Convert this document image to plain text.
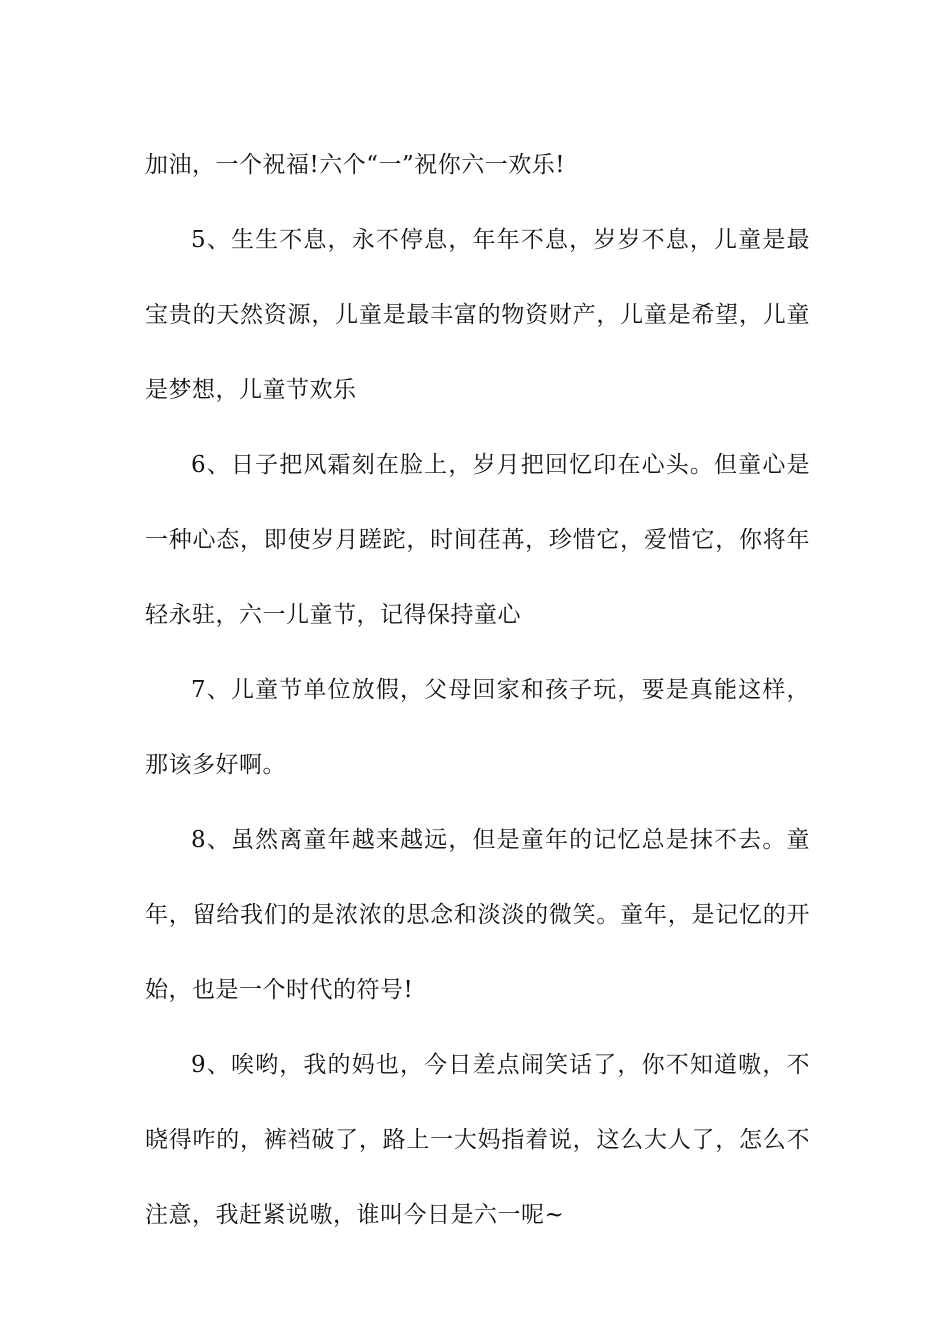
加油，一个祝福!六个“一”祝你六一欢乐!

5、生生不息，永不停息，年年不息，岁岁不息，儿童是最宝贵的天然资源，儿童是最丰富的物资财产，儿童是希望，儿童是梦想，儿童节欢乐

6、日子把风霜刻在脸上，岁月把回忆印在心头。但童心是一种心态，即使岁月蹉跎，时间荏苒，珍惜它，爱惜它，你将年轻永驻，六一儿童节，记得保持童心

7、儿童节单位放假，父母回家和孩子玩，要是真能这样，那该多好啊。

8、虽然离童年越来越远，但是童年的记忆总是抹不去。童年，留给我们的是浓浓的思念和淡淡的微笑。童年，是记忆的开始，也是一个时代的符号!

9、唉哟，我的妈也，今日差点闹笑话了，你不知道嗷，不晓得咋的，裤裆破了，路上一大妈指着说，这么大人了，怎么不注意，我赶紧说嗷，谁叫今日是六一呢~
